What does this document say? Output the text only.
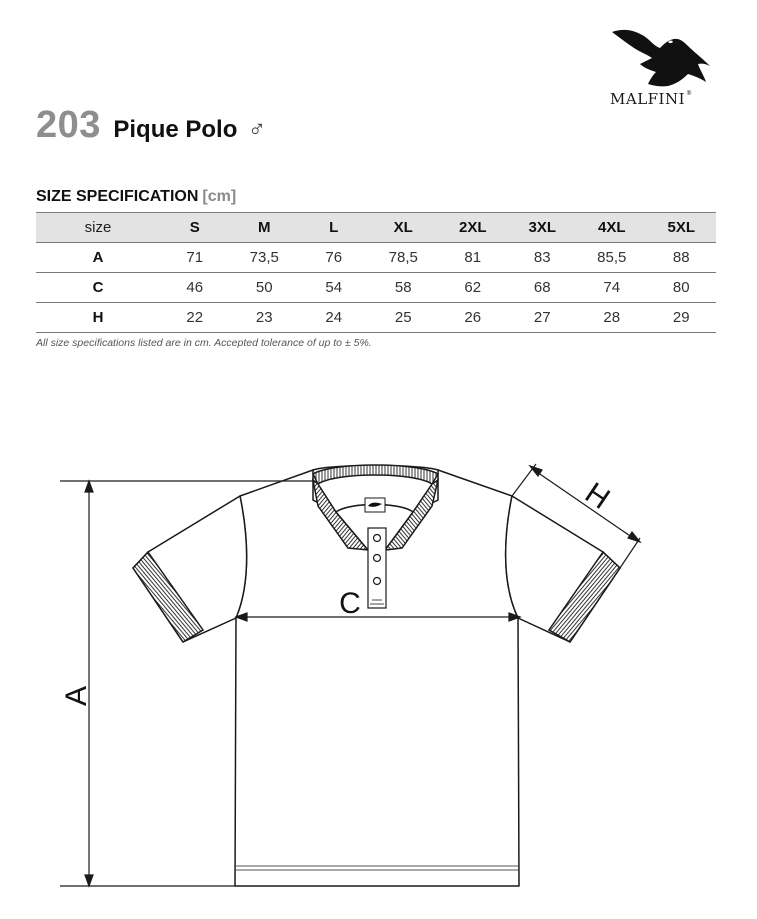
MALFINI®
203 Pique Polo ♂
SIZE SPECIFICATION [cm]
size	S	M	L	XL	2XL	3XL	4XL	5XL
A	71	73,5	76	78,5	81	83	85,5	88
C	46	50	54	58	62	68	74	80
H	22	23	24	25	26	27	28	29
All size specifications listed are in cm. Accepted tolerance of up to ± 5%.
A
C
H
